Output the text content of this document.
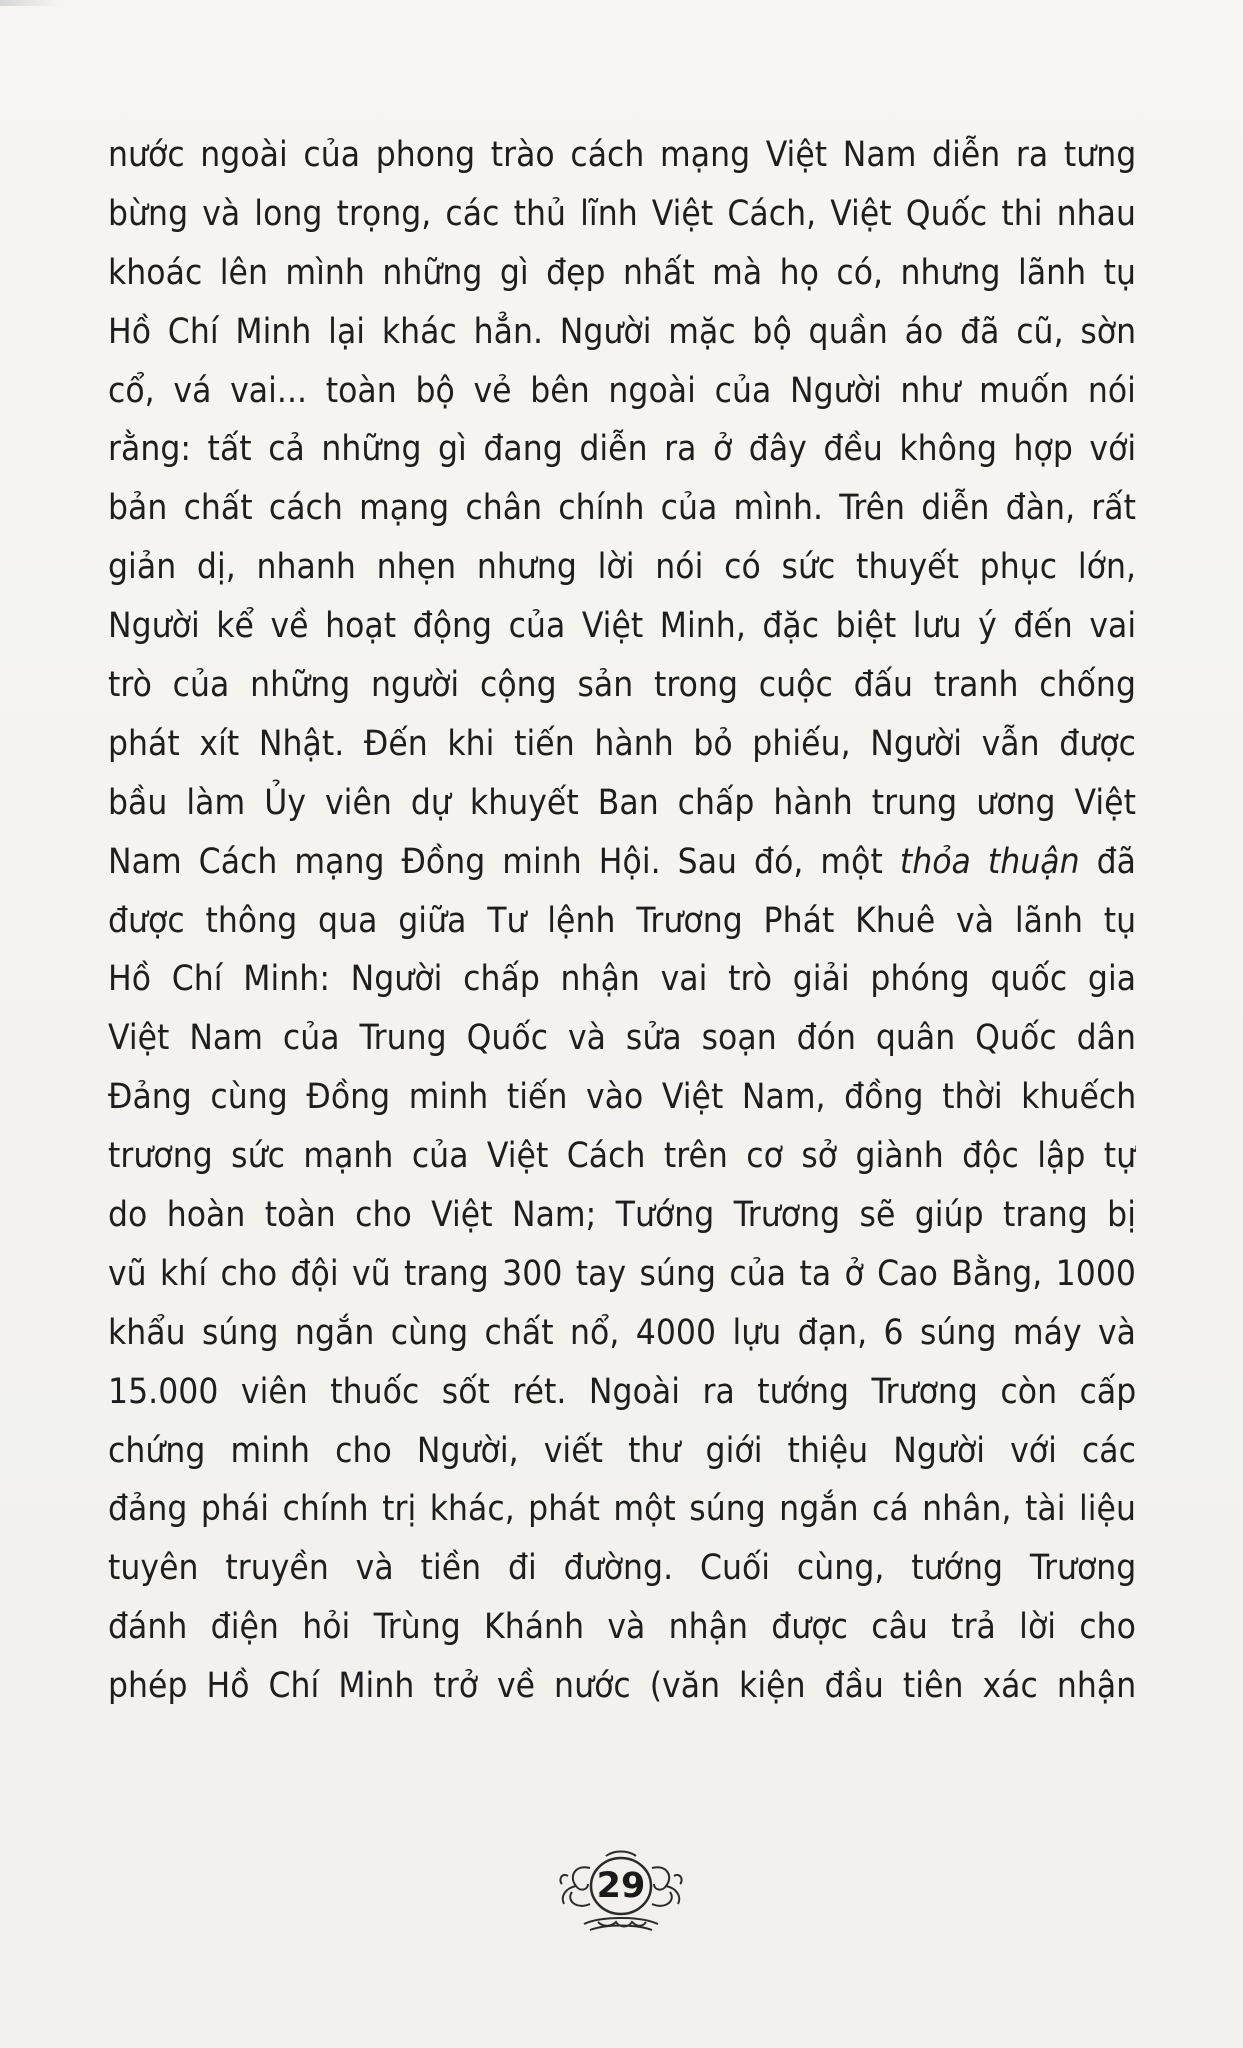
nước ngoài của phong trào cách mạng Việt Nam diễn ra tưng
bừng và long trọng, các thủ lĩnh Việt Cách, Việt Quốc thi nhau
khoác lên mình những gì đẹp nhất mà họ có, nhưng lãnh tụ
Hồ Chí Minh lại khác hẳn. Người mặc bộ quần áo đã cũ, sờn
cổ, vá vai... toàn bộ vẻ bên ngoài của Người như muốn nói
rằng: tất cả những gì đang diễn ra ở đây đều không hợp với
bản chất cách mạng chân chính của mình. Trên diễn đàn, rất
giản dị, nhanh nhẹn nhưng lời nói có sức thuyết phục lớn,
Người kể về hoạt động của Việt Minh, đặc biệt lưu ý đến vai
trò của những người cộng sản trong cuộc đấu tranh chống
phát xít Nhật. Đến khi tiến hành bỏ phiếu, Người vẫn được
bầu làm Ủy viên dự khuyết Ban chấp hành trung ương Việt
Nam Cách mạng Đồng minh Hội. Sau đó, một thỏa thuận đã
được thông qua giữa Tư lệnh Trương Phát Khuê và lãnh tụ
Hồ Chí Minh: Người chấp nhận vai trò giải phóng quốc gia
Việt Nam của Trung Quốc và sửa soạn đón quân Quốc dân
Đảng cùng Đồng minh tiến vào Việt Nam, đồng thời khuếch
trương sức mạnh của Việt Cách trên cơ sở giành độc lập tự
do hoàn toàn cho Việt Nam; Tướng Trương sẽ giúp trang bị
vũ khí cho đội vũ trang 300 tay súng của ta ở Cao Bằng, 1000
khẩu súng ngắn cùng chất nổ, 4000 lựu đạn, 6 súng máy và
15.000 viên thuốc sốt rét. Ngoài ra tướng Trương còn cấp
chứng minh cho Người, viết thư giới thiệu Người với các
đảng phái chính trị khác, phát một súng ngắn cá nhân, tài liệu
tuyên truyền và tiền đi đường. Cuối cùng, tướng Trương
đánh điện hỏi Trùng Khánh và nhận được câu trả lời cho
phép Hồ Chí Minh trở về nước (văn kiện đầu tiên xác nhận
29
